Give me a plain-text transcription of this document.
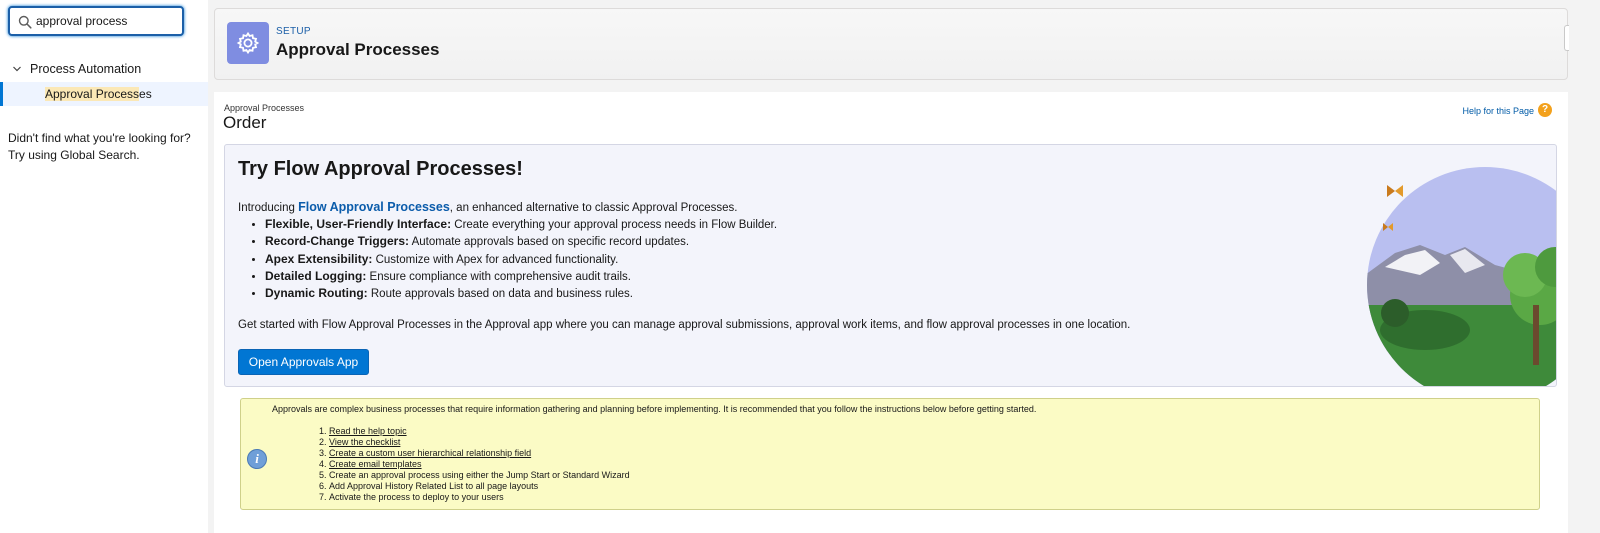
approval process
Process Automation
Approval Process es
Didn't find what you're looking for?
Try using Global Search.
SETUP
Approval Processes
Approval Processes
Order
Help for this Page ?
Try Flow Approval Processes!
Introducing Flow Approval Processes, an enhanced alternative to classic Approval Processes.
• Flexible, User-Friendly Interface: Create everything your approval process needs in Flow Builder.
• Record-Change Triggers: Automate approvals based on specific record updates.
• Apex Extensibility: Customize with Apex for advanced functionality.
• Detailed Logging: Ensure compliance with comprehensive audit trails.
• Dynamic Routing: Route approvals based on data and business rules.
Get started with Flow Approval Processes in the Approval app where you can manage approval submissions, approval work items, and flow approval processes in one location.
Open Approvals App
i
Approvals are complex business processes that require information gathering and planning before implementing. It is recommended that you follow the instructions below before getting started.
1. Read the help topic
2. View the checklist
3. Create a custom user hierarchical relationship field
4. Create email templates
5. Create an approval process using either the Jump Start or Standard Wizard
6. Add Approval History Related List to all page layouts
7. Activate the process to deploy to your users
